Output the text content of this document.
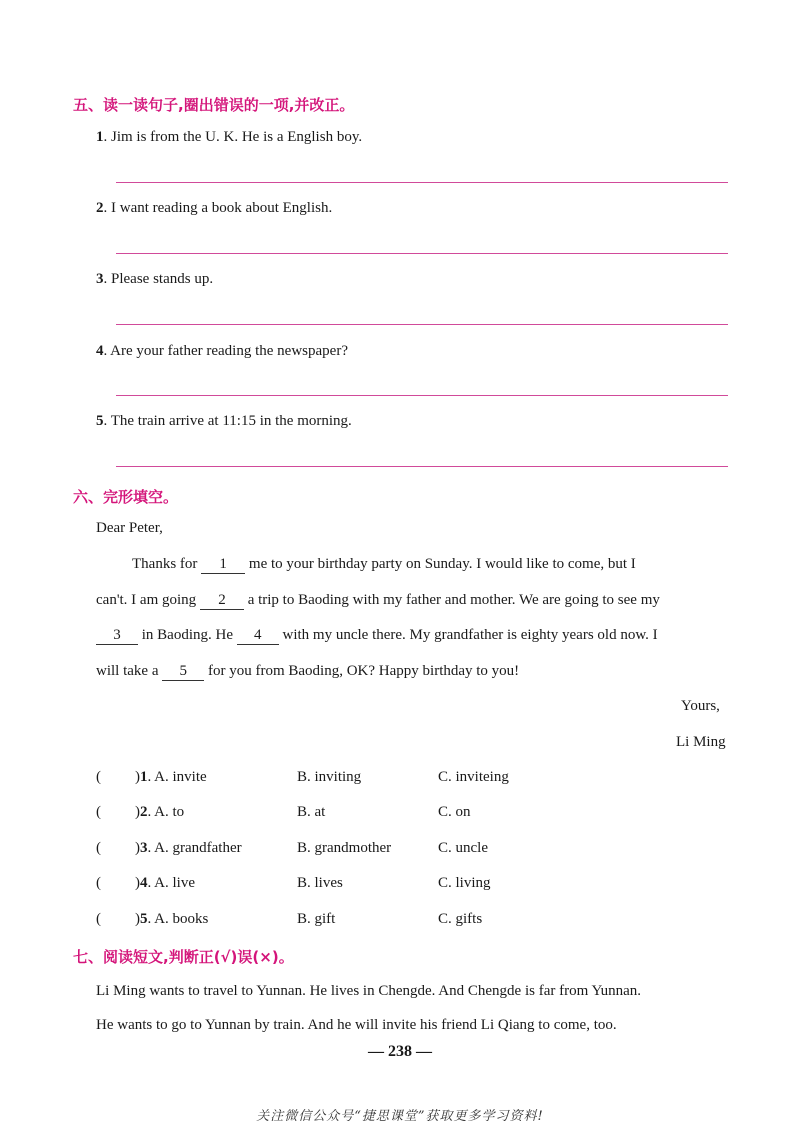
五、读一读句子,圈出错误的一项,并改正。
1. Jim is from the U. K. He is a English boy.
2. I want reading a book about English.
3. Please stands up.
4. Are your father reading the newspaper?
5. The train arrive at 11:15 in the morning.
六、完形填空。
Dear Peter,
Thanks for 1 me to your birthday party on Sunday. I would like to come, but I
can't. I am going 2 a trip to Baoding with my father and mother. We are going to see my
3 in Baoding. He 4 with my uncle there. My grandfather is eighty years old now. I
will take a 5 for you from Baoding, OK? Happy birthday to you!
Yours,
Li Ming
( )1. A. invite	B. inviting	C. inviteing
( )2. A. to	B. at	C. on
( )3. A. grandfather	B. grandmother	C. uncle
( )4. A. live	B. lives	C. living
( )5. A. books	B. gift	C. gifts
七、阅读短文,判断正(√)误(×)。
Li Ming wants to travel to Yunnan. He lives in Chengde. And Chengde is far from Yunnan.
He wants to go to Yunnan by train. And he will invite his friend Li Qiang to come, too.
— 238 —
关注微信公众号“捷思课堂”获取更多学习资料!
